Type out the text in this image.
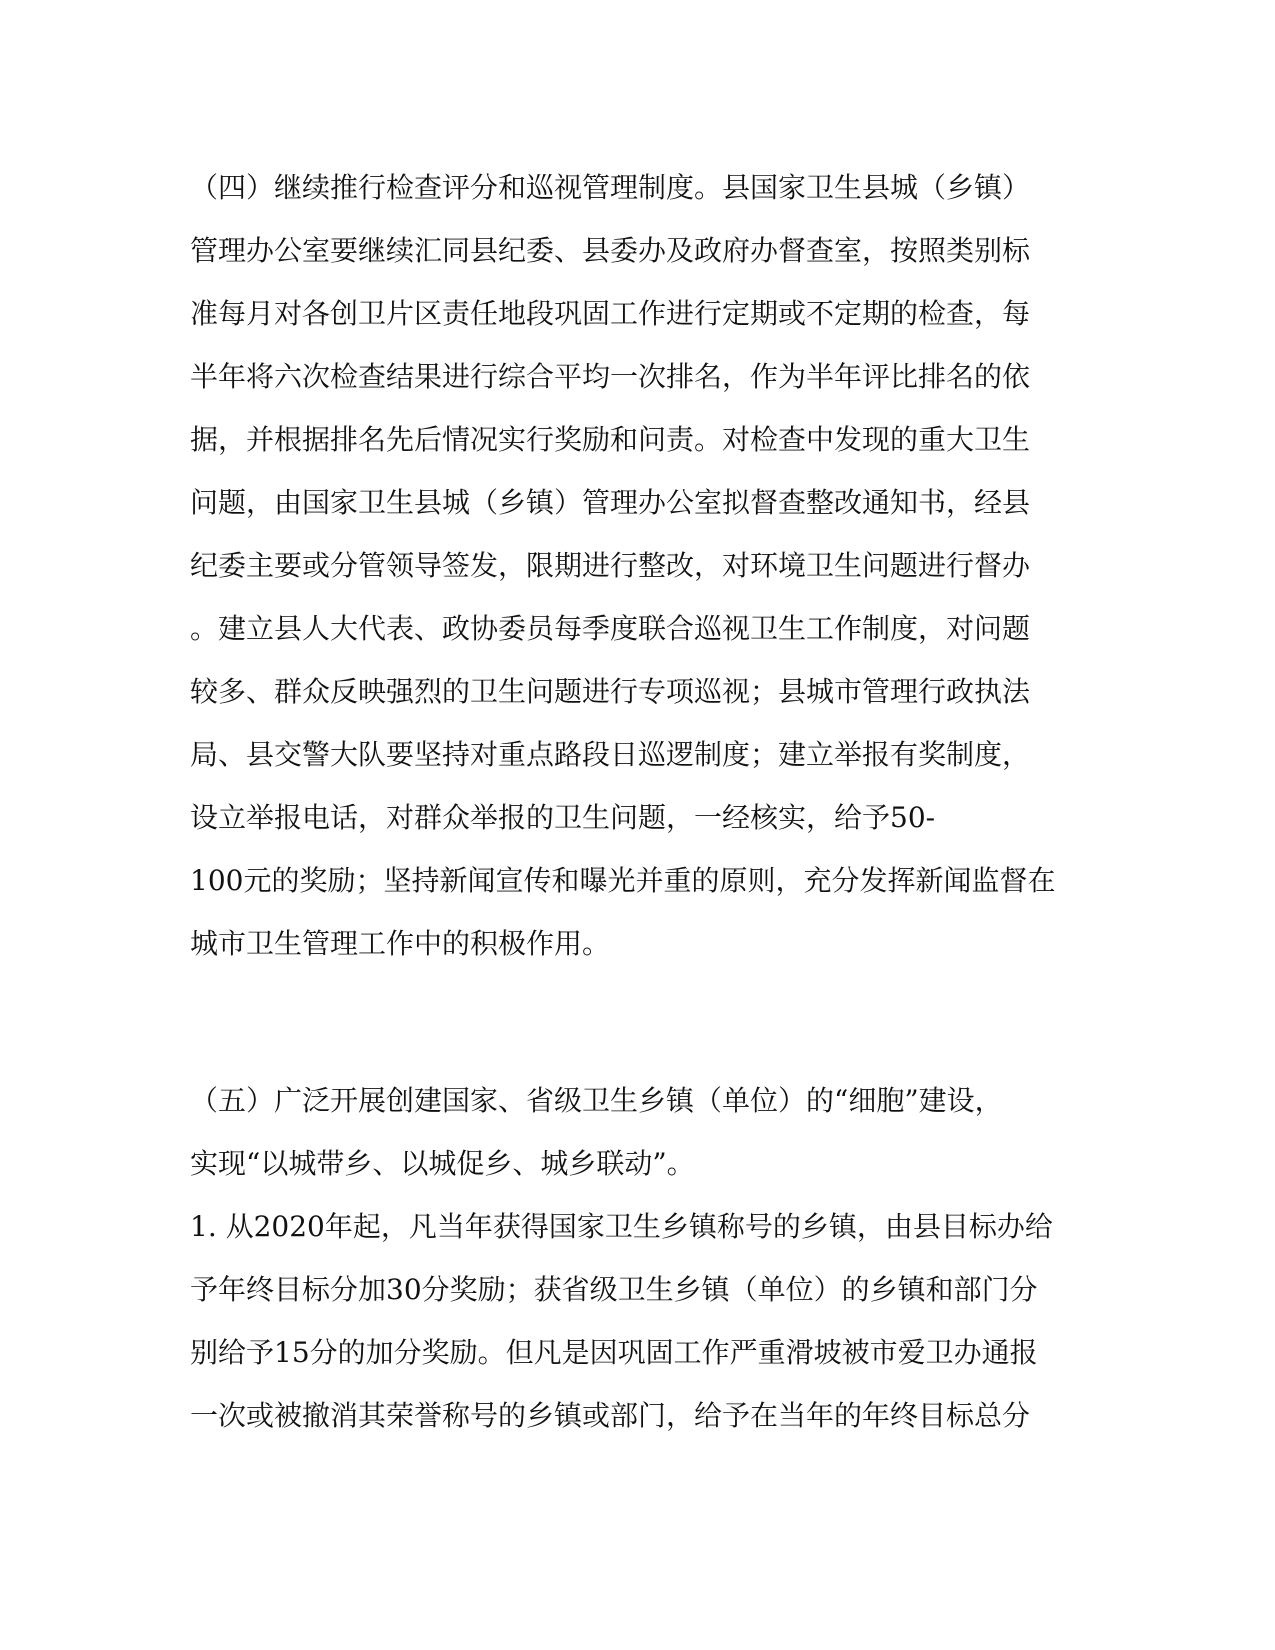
（四）继续推行检查评分和巡视管理制度。县国家卫生县城（乡镇）
管理办公室要继续汇同县纪委、县委办及政府办督查室，按照类别标
准每月对各创卫片区责任地段巩固工作进行定期或不定期的检查，每
半年将六次检查结果进行综合平均一次排名，作为半年评比排名的依
据，并根据排名先后情况实行奖励和问责。对检查中发现的重大卫生
问题，由国家卫生县城（乡镇）管理办公室拟督查整改通知书，经县
纪委主要或分管领导签发，限期进行整改，对环境卫生问题进行督办
。建立县人大代表、政协委员每季度联合巡视卫生工作制度，对问题
较多、群众反映强烈的卫生问题进行专项巡视；县城市管理行政执法
局、县交警大队要坚持对重点路段日巡逻制度；建立举报有奖制度，
设立举报电话，对群众举报的卫生问题，一经核实，给予50-
100元的奖励；坚持新闻宣传和曝光并重的原则，充分发挥新闻监督在
城市卫生管理工作中的积极作用。
（五）广泛开展创建国家、省级卫生乡镇（单位）的“细胞”建设，
实现“以城带乡、以城促乡、城乡联动”。
1. 从2020年起，凡当年获得国家卫生乡镇称号的乡镇，由县目标办给
予年终目标分加30分奖励；获省级卫生乡镇（单位）的乡镇和部门分
别给予15分的加分奖励。但凡是因巩固工作严重滑坡被市爱卫办通报
一次或被撤消其荣誉称号的乡镇或部门，给予在当年的年终目标总分
